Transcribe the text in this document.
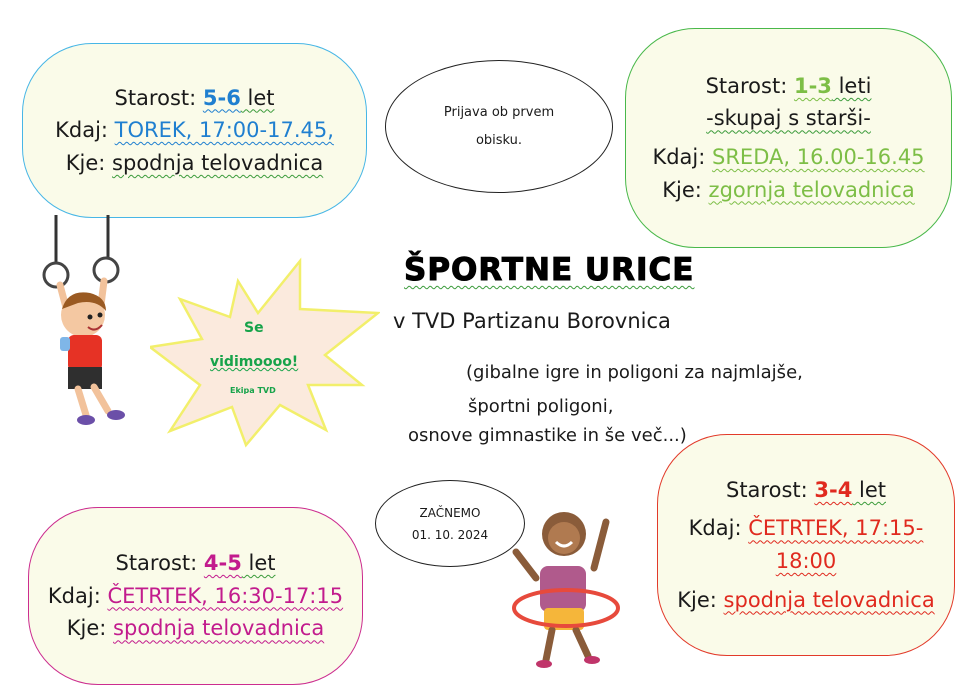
Starost: 5-6 let
Kdaj: TOREK, 17:00-17.45,
Kje: spodnja telovadnica
Starost: 1-3 leti
-skupaj s starši-
Kdaj: SREDA, 16.00-16.45
Kje: zgornja telovadnica
Starost: 4-5 let
Kdaj: ČETRTEK, 16:30-17:15
Kje: spodnja telovadnica
Starost: 3-4 let
Kdaj: ČETRTEK, 17:15-
18:00
Kje: spodnja telovadnica
Prijava ob prvem
obisku.
ZAČNEMO
01. 10. 2024
ŠPORTNE URICE
v TVD Partizanu Borovnica
(gibalne igre in poligoni za najmlajše,
športni poligoni,
osnove gimnastike in še več...)
Se
vidimoooo!
Ekipa TVD
